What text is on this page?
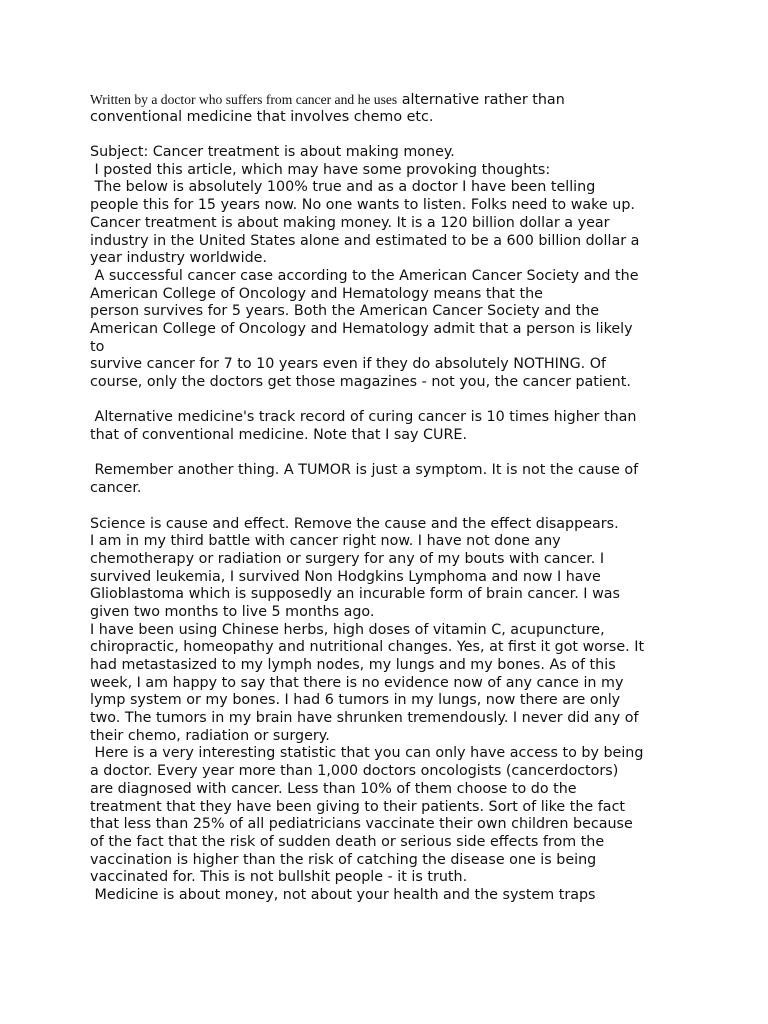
Written by a doctor who suffers from cancer and he uses alternative rather than
conventional medicine that involves chemo etc.
Subject: Cancer treatment is about making money.
I posted this article, which may have some provoking thoughts:
The below is absolutely 100% true and as a doctor I have been telling
people this for 15 years now. No one wants to listen. Folks need to wake up.
Cancer treatment is about making money. It is a 120 billion dollar a year
industry in the United States alone and estimated to be a 600 billion dollar a
year industry worldwide.
A successful cancer case according to the American Cancer Society and the
American College of Oncology and Hematology means that the
person survives for 5 years. Both the American Cancer Society and the
American College of Oncology and Hematology admit that a person is likely
to
survive cancer for 7 to 10 years even if they do absolutely NOTHING. Of
course, only the doctors get those magazines - not you, the cancer patient.
Alternative medicine's track record of curing cancer is 10 times higher than
that of conventional medicine. Note that I say CURE.
Remember another thing. A TUMOR is just a symptom. It is not the cause of
cancer.
Science is cause and effect. Remove the cause and the effect disappears.
I am in my third battle with cancer right now. I have not done any
chemotherapy or radiation or surgery for any of my bouts with cancer. I
survived leukemia, I survived Non Hodgkins Lymphoma and now I have
Glioblastoma which is supposedly an incurable form of brain cancer. I was
given two months to live 5 months ago.
I have been using Chinese herbs, high doses of vitamin C, acupuncture,
chiropractic, homeopathy and nutritional changes. Yes, at first it got worse. It
had metastasized to my lymph nodes, my lungs and my bones. As of this
week, I am happy to say that there is no evidence now of any cance in my
lymp system or my bones. I had 6 tumors in my lungs, now there are only
two. The tumors in my brain have shrunken tremendously. I never did any of
their chemo, radiation or surgery.
Here is a very interesting statistic that you can only have access to by being
a doctor. Every year more than 1,000 doctors oncologists (cancerdoctors)
are diagnosed with cancer. Less than 10% of them choose to do the
treatment that they have been giving to their patients. Sort of like the fact
that less than 25% of all pediatricians vaccinate their own children because
of the fact that the risk of sudden death or serious side effects from the
vaccination is higher than the risk of catching the disease one is being
vaccinated for. This is not bullshit people - it is truth.
Medicine is about money, not about your health and the system traps
